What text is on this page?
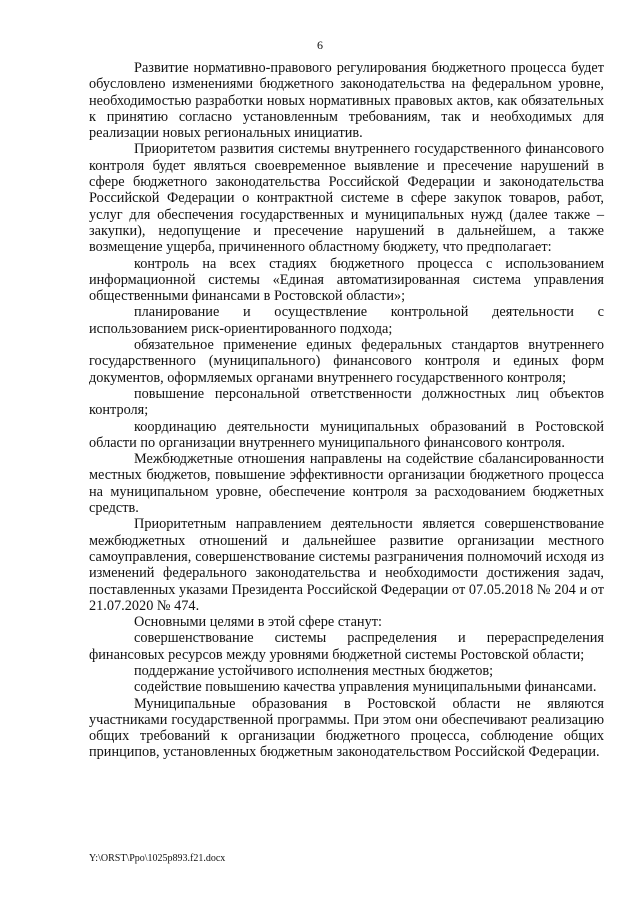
6

Развитие нормативно-правового регулирования бюджетного процесса будет обусловлено изменениями бюджетного законодательства на федеральном уровне, необходимостью разработки новых нормативных правовых актов, как обязательных к принятию согласно установленным требованиям, так и необходимых для реализации новых региональных инициатив.

Приоритетом развития системы внутреннего государственного финансового контроля будет являться своевременное выявление и пресечение нарушений в сфере бюджетного законодательства Российской Федерации и законодательства Российской Федерации о контрактной системе в сфере закупок товаров, работ, услуг для обеспечения государственных и муниципальных нужд (далее также – закупки), недопущение и пресечение нарушений в дальнейшем, а также возмещение ущерба, причиненного областному бюджету, что предполагает:

контроль на всех стадиях бюджетного процесса с использованием информационной системы «Единая автоматизированная система управления общественными финансами в Ростовской области»;

планирование и осуществление контрольной деятельности с использованием риск-ориентированного подхода;

обязательное применение единых федеральных стандартов внутреннего государственного (муниципального) финансового контроля и единых форм документов, оформляемых органами внутреннего государственного контроля;

повышение персональной ответственности должностных лиц объектов контроля;

координацию деятельности муниципальных образований в Ростовской области по организации внутреннего муниципального финансового контроля.

Межбюджетные отношения направлены на содействие сбалансированности местных бюджетов, повышение эффективности организации бюджетного процесса на муниципальном уровне, обеспечение контроля за расходованием бюджетных средств.

Приоритетным направлением деятельности является совершенствование межбюджетных отношений и дальнейшее развитие организации местного самоуправления, совершенствование системы разграничения полномочий исходя из изменений федерального законодательства и необходимости достижения задач, поставленных указами Президента Российской Федерации от 07.05.2018 № 204 и от 21.07.2020 № 474.

Основными целями в этой сфере станут:

совершенствование системы распределения и перераспределения финансовых ресурсов между уровнями бюджетной системы Ростовской области;

поддержание устойчивого исполнения местных бюджетов;

содействие повышению качества управления муниципальными финансами.

Муниципальные образования в Ростовской области не являются участниками государственной программы. При этом они обеспечивают реализацию общих требований к организации бюджетного процесса, соблюдение общих принципов, установленных бюджетным законодательством Российской Федерации.

Y:\ORST\Ppo\1025p893.f21.docx
